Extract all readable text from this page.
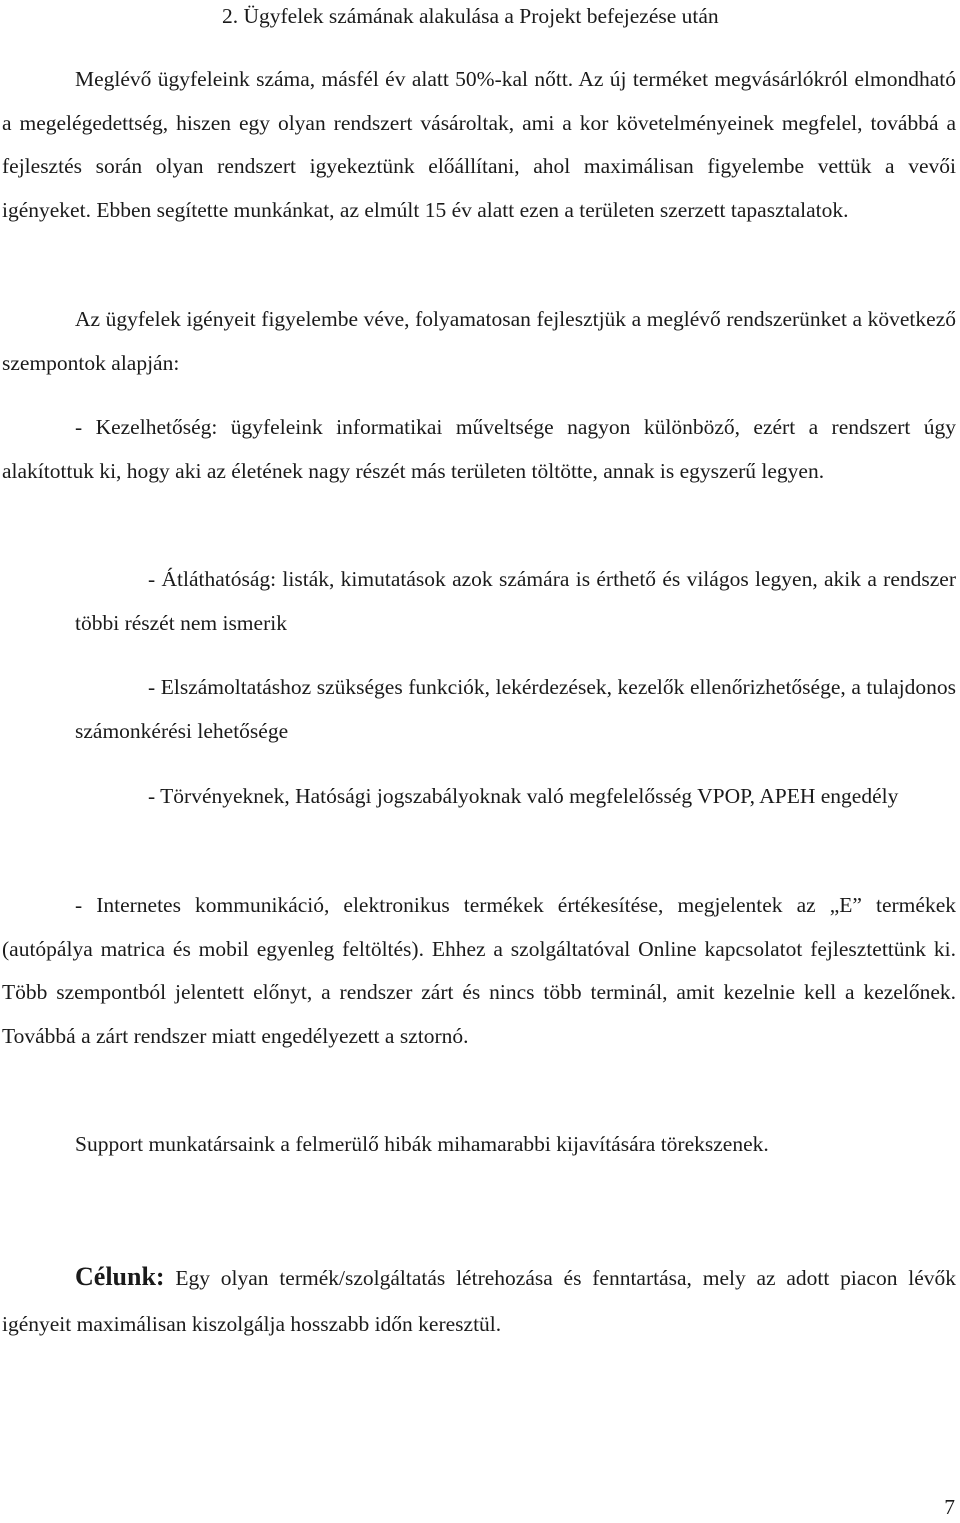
2. Ügyfelek számának alakulása a Projekt befejezése után

Meglévő ügyfeleink száma, másfél év alatt 50%-kal nőtt. Az új terméket megvásárlókról elmondható a megelégedettség, hiszen egy olyan rendszert vásároltak, ami a kor követelményeinek megfelel, továbbá a fejlesztés során olyan rendszert igyekeztünk előállítani, ahol maximálisan figyelembe vettük a vevői igényeket. Ebben segítette munkánkat, az elmúlt 15 év alatt ezen a területen szerzett tapasztalatok.

Az ügyfelek igényeit figyelembe véve, folyamatosan fejlesztjük a meglévő rendszerünket a következő szempontok alapján:

- Kezelhetőség: ügyfeleink informatikai műveltsége nagyon különböző, ezért a rendszert úgy alakítottuk ki, hogy aki az életének nagy részét más területen töltötte, annak is egyszerű legyen.

- Átláthatóság: listák, kimutatások azok számára is érthető és világos legyen, akik a rendszer többi részét nem ismerik

- Elszámoltatáshoz szükséges funkciók, lekérdezések, kezelők ellenőrizhetősége, a tulajdonos számonkérési lehetősége

- Törvényeknek, Hatósági jogszabályoknak való megfelelősség VPOP, APEH engedély

- Internetes kommunikáció, elektronikus termékek értékesítése, megjelentek az „E” termékek (autópálya matrica és mobil egyenleg feltöltés). Ehhez a szolgáltatóval Online kapcsolatot fejlesztettünk ki. Több szempontból jelentett előnyt, a rendszer zárt és nincs több terminál, amit kezelnie kell a kezelőnek. Továbbá a zárt rendszer miatt engedélyezett a sztornó.

Support munkatársaink a felmerülő hibák mihamarabbi kijavítására törekszenek.

Célunk: Egy olyan termék/szolgáltatás létrehozása és fenntartása, mely az adott piacon lévők igényeit maximálisan kiszolgálja hosszabb időn keresztül.

7
